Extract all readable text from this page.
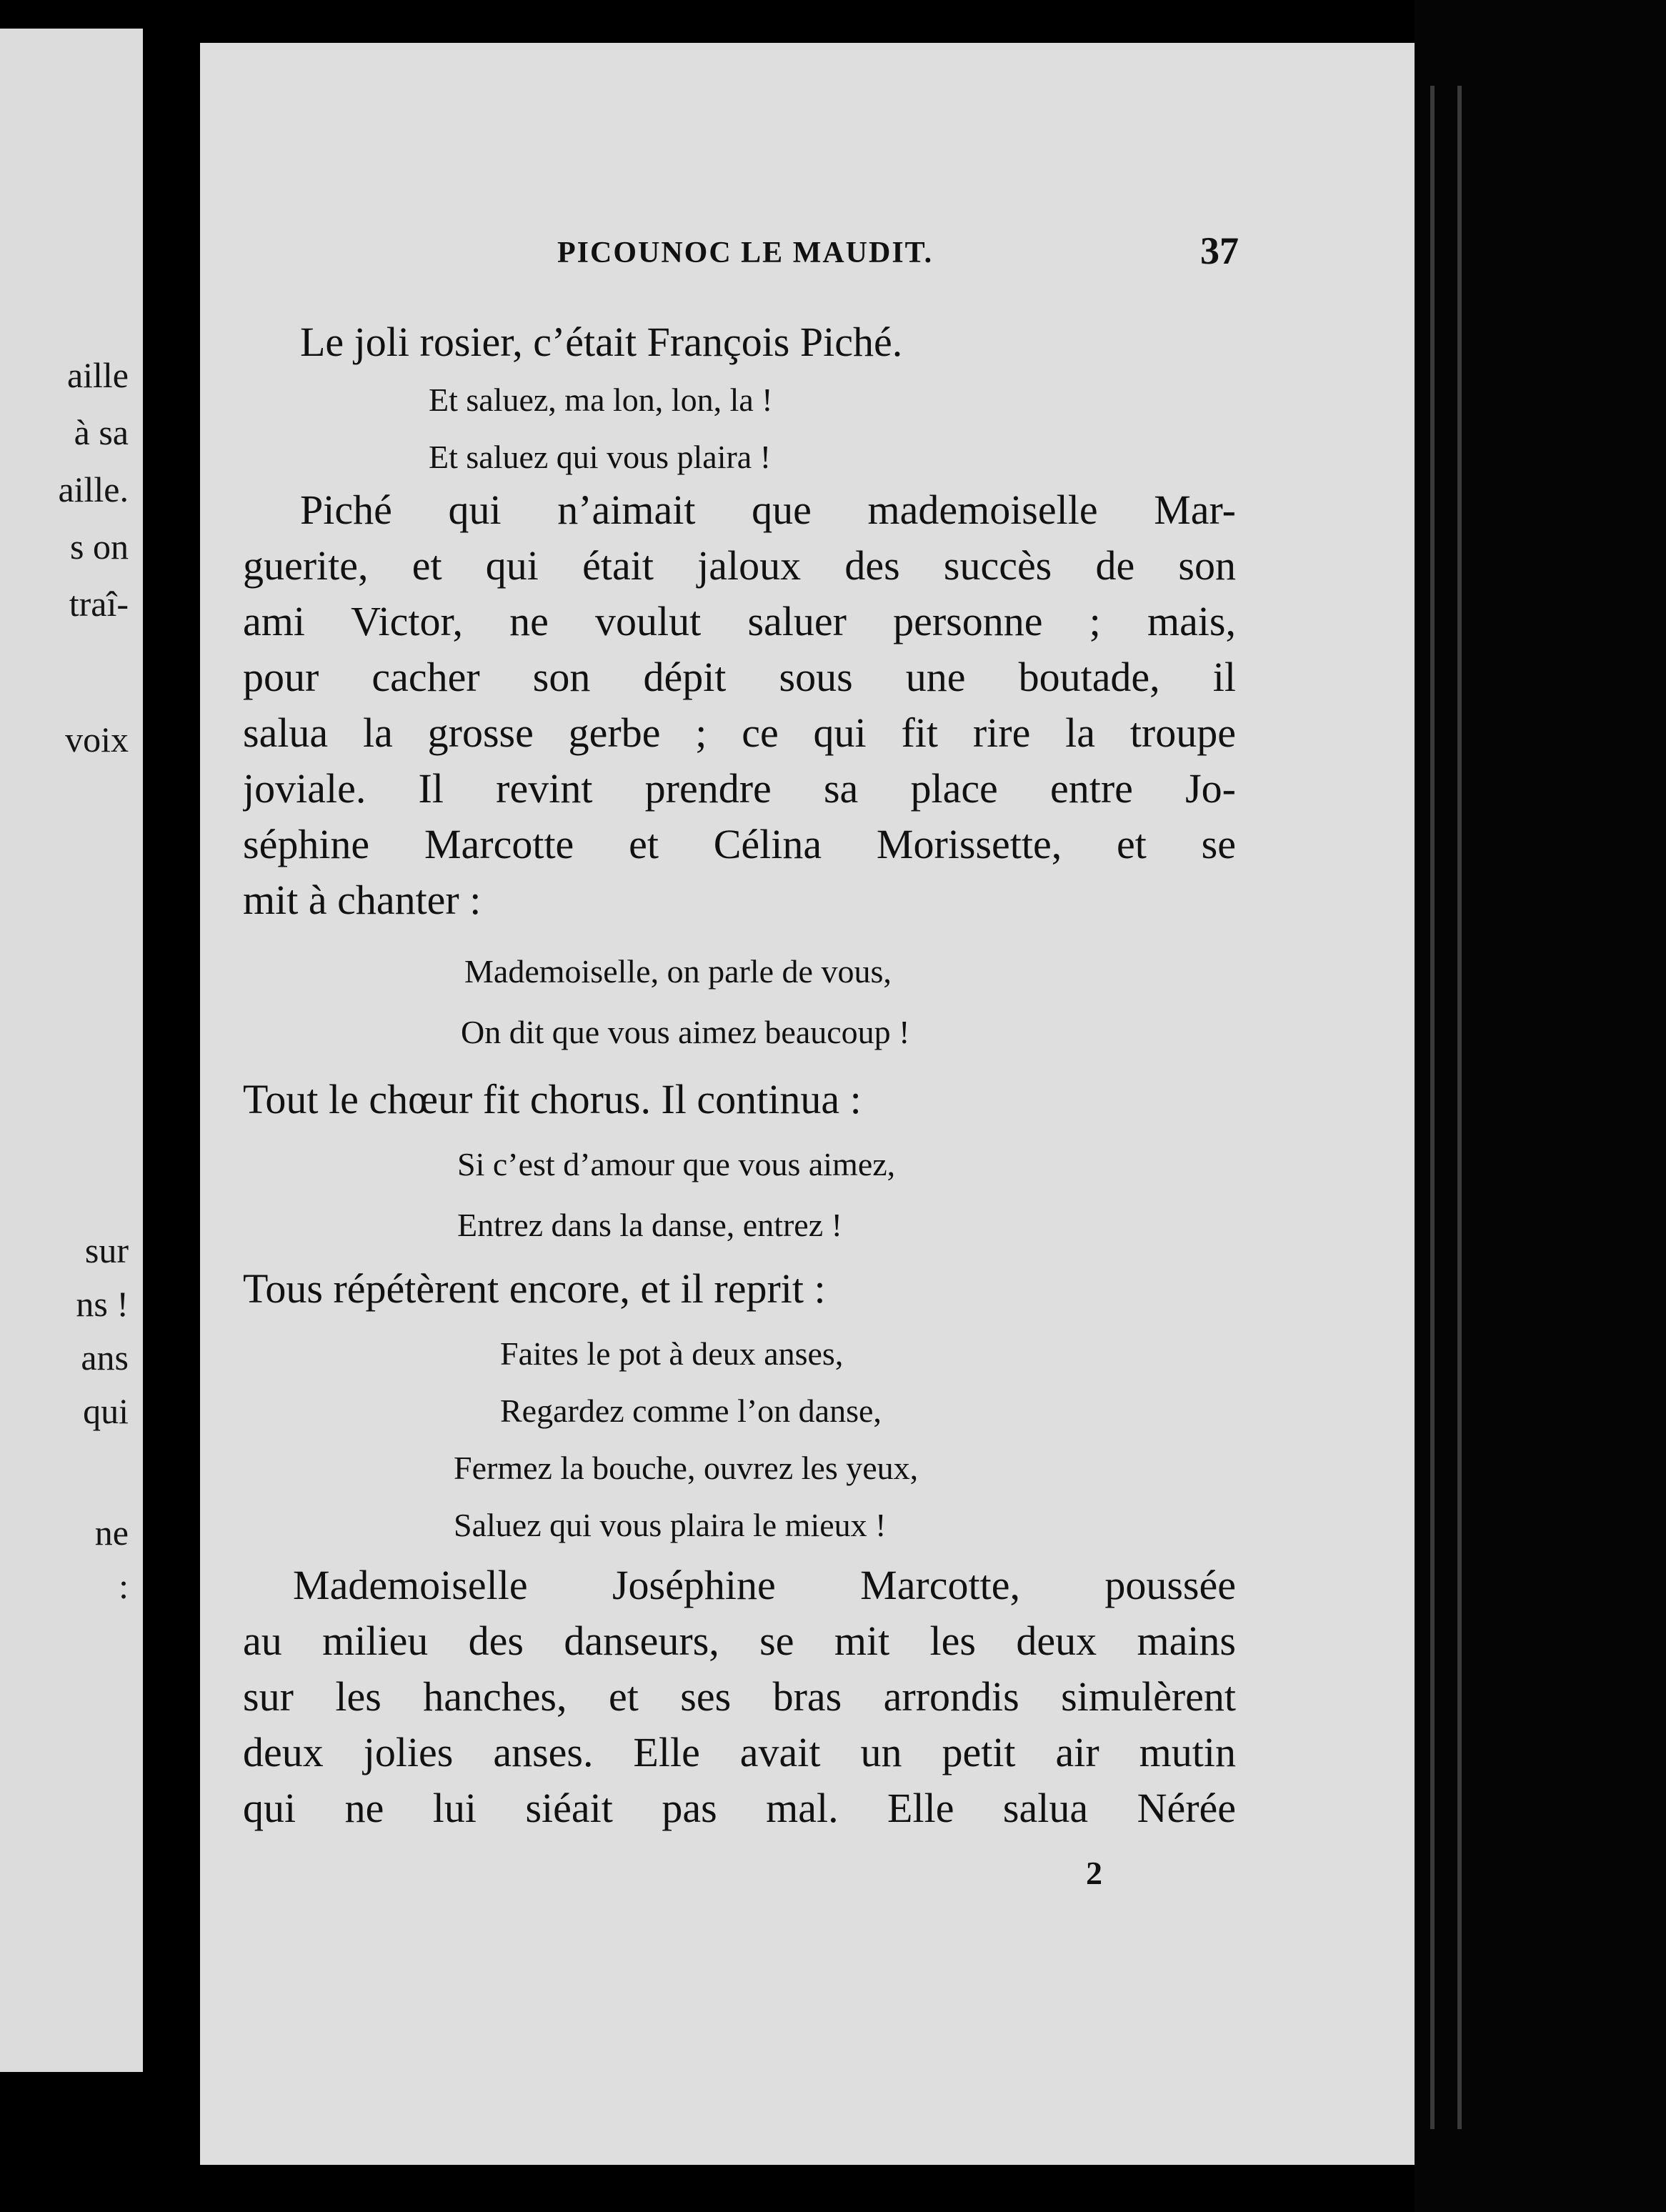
aille
à sa
aille.
s on
traî-
voix
sur
ns !
ans
qui
ne
:
PICOUNOC LE MAUDIT.	37
Le joli rosier, c’était François Piché.
Et saluez, ma lon, lon, la !
Et saluez qui vous plaira !
Piché qui n’aimait que mademoiselle Mar-
guerite, et qui était jaloux des succès de son
ami Victor, ne voulut saluer personne ; mais,
pour cacher son dépit sous une boutade, il
salua la grosse gerbe ; ce qui fit rire la troupe
joviale. Il revint prendre sa place entre Jo-
séphine Marcotte et Célina Morissette, et se
mit à chanter :
Mademoiselle, on parle de vous,
On dit que vous aimez beaucoup !
Tout le chœur fit chorus. Il continua :
Si c’est d’amour que vous aimez,
Entrez dans la danse, entrez !
Tous répétèrent encore, et il reprit :
Faites le pot à deux anses,
Regardez comme l’on danse,
Fermez la bouche, ouvrez les yeux,
Saluez qui vous plaira le mieux !
Mademoiselle Joséphine Marcotte, poussée
au milieu des danseurs, se mit les deux mains
sur les hanches, et ses bras arrondis simulèrent
deux jolies anses. Elle avait un petit air mutin
qui ne lui siéait pas mal. Elle salua Nérée
2
